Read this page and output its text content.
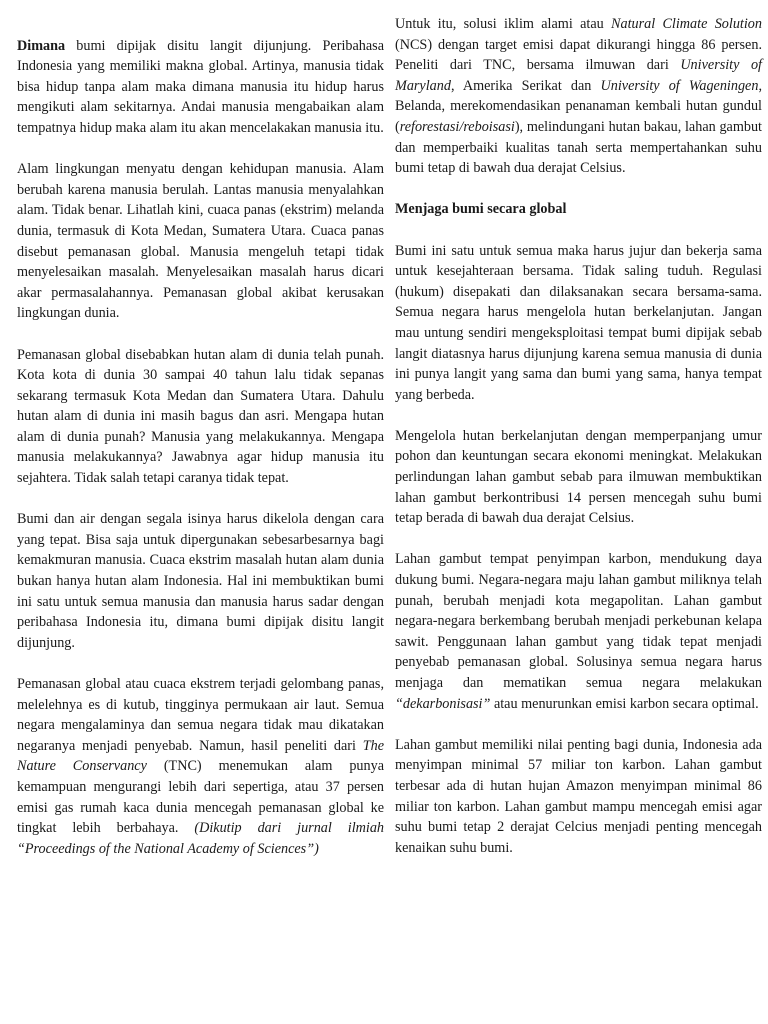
Dimana bumi dipijak disitu langit dijunjung. Peribahasa Indonesia yang memiliki makna global. Artinya, manusia tidak bisa hidup tanpa alam maka dimana manusia itu hidup harus mengikuti alam sekitarnya. Andai manusia mengabaikan alam tempatnya hidup maka alam itu akan mencelakakan manusia itu.

Alam lingkungan menyatu dengan kehidupan manusia. Alam berubah karena manusia berulah. Lantas manusia menyalahkan alam. Tidak benar. Lihatlah kini, cuaca panas (ekstrim) melanda dunia, termasuk di Kota Medan, Sumatera Utara. Cuaca panas disebut pemanasan global. Manusia mengeluh tetapi tidak menyelesaikan masalah. Menyelesaikan masalah harus dicari akar permasalahannya. Pemanasan global akibat kerusakan lingkungan dunia.

Pemanasan global disebabkan hutan alam di dunia telah punah. Kota kota di dunia 30 sampai 40 tahun lalu tidak sepanas sekarang termasuk Kota Medan dan Sumatera Utara. Dahulu hutan alam di dunia ini masih bagus dan asri. Mengapa hutan alam di dunia punah? Manusia yang melakukannya. Mengapa manusia melakukannya? Jawabnya agar hidup manusia itu sejahtera. Tidak salah tetapi caranya tidak tepat.

Bumi dan air dengan segala isinya harus dikelola dengan cara yang tepat. Bisa saja untuk dipergunakan sebesarbesarnya bagi kemakmuran manusia. Cuaca ekstrim masalah hutan alam dunia bukan hanya hutan alam Indonesia. Hal ini membuktikan bumi ini satu untuk semua manusia dan manusia harus sadar dengan peribahasa Indonesia itu, dimana bumi dipijak disitu langit dijunjung.

Pemanasan global atau cuaca ekstrem terjadi gelombang panas, melelehnya es di kutub, tingginya permukaan air laut. Semua negara mengalaminya dan semua negara tidak mau dikatakan negaranya menjadi penyebab. Namun, hasil peneliti dari The Nature Conservancy (TNC) menemukan alam punya kemampuan mengurangi lebih dari sepertiga, atau 37 persen emisi gas rumah kaca dunia mencegah pemanasan global ke tingkat lebih berbahaya. (Dikutip dari jurnal ilmiah “Proceedings of the National Academy of Sciences”)

Untuk itu, solusi iklim alami atau Natural Climate Solution (NCS) dengan target emisi dapat dikurangi hingga 86 persen. Peneliti dari TNC, bersama ilmuwan dari University of Maryland, Amerika Serikat dan University of Wageningen, Belanda, merekomendasikan penanaman kembali hutan gundul (reforestasi/reboisasi), melindungani hutan bakau, lahan gambut dan memperbaiki kualitas tanah serta mempertahankan suhu bumi tetap di bawah dua derajat Celsius.

Menjaga bumi secara global

Bumi ini satu untuk semua maka harus jujur dan bekerja sama untuk kesejahteraan bersama. Tidak saling tuduh. Regulasi (hukum) disepakati dan dilaksanakan secara bersama-sama. Semua negara harus mengelola hutan berkelanjutan. Jangan mau untung sendiri mengeksploitasi tempat bumi dipijak sebab langit diatasnya harus dijunjung karena semua manusia di dunia ini punya langit yang sama dan bumi yang sama, hanya tempat yang berbeda.

Mengelola hutan berkelanjutan dengan memperpanjang umur pohon dan keuntungan secara ekonomi meningkat. Melakukan perlindungan lahan gambut sebab para ilmuwan membuktikan lahan gambut berkontribusi 14 persen mencegah suhu bumi tetap berada di bawah dua derajat Celsius.

Lahan gambut tempat penyimpan karbon, mendukung daya dukung bumi. Negara-negara maju lahan gambut miliknya telah punah, berubah menjadi kota megapolitan. Lahan gambut negara-negara berkembang berubah menjadi perkebunan kelapa sawit. Penggunaan lahan gambut yang tidak tepat menjadi penyebab pemanasan global. Solusinya semua negara harus menjaga dan mematikan semua negara melakukan “dekarbonisasi” atau menurunkan emisi karbon secara optimal.

Lahan gambut memiliki nilai penting bagi dunia, Indonesia ada menyimpan minimal 57 miliar ton karbon. Lahan gambut terbesar ada di hutan hujan Amazon menyimpan minimal 86 miliar ton karbon. Lahan gambut mampu mencegah emisi agar suhu bumi tetap 2 derajat Celcius menjadi penting mencegah kenaikan suhu bumi.
